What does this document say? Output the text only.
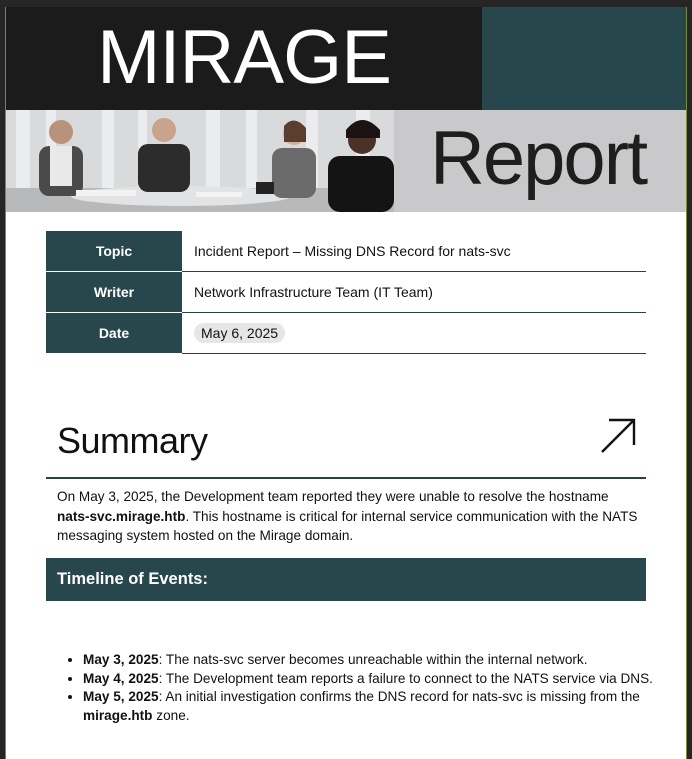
MIRAGE
Report
Topic	Incident Report – Missing DNS Record for nats-svc
Writer	Network Infrastructure Team (IT Team)
Date	May 6, 2025
Summary
On May 3, 2025, the Development team reported they were unable to resolve the hostname nats-svc.mirage.htb. This hostname is critical for internal service communication with the NATS messaging system hosted on the Mirage domain.
Timeline of Events:
• May 3, 2025: The nats-svc server becomes unreachable within the internal network.
• May 4, 2025: The Development team reports a failure to connect to the NATS service via DNS.
• May 5, 2025: An initial investigation confirms the DNS record for nats-svc is missing from the mirage.htb zone.
